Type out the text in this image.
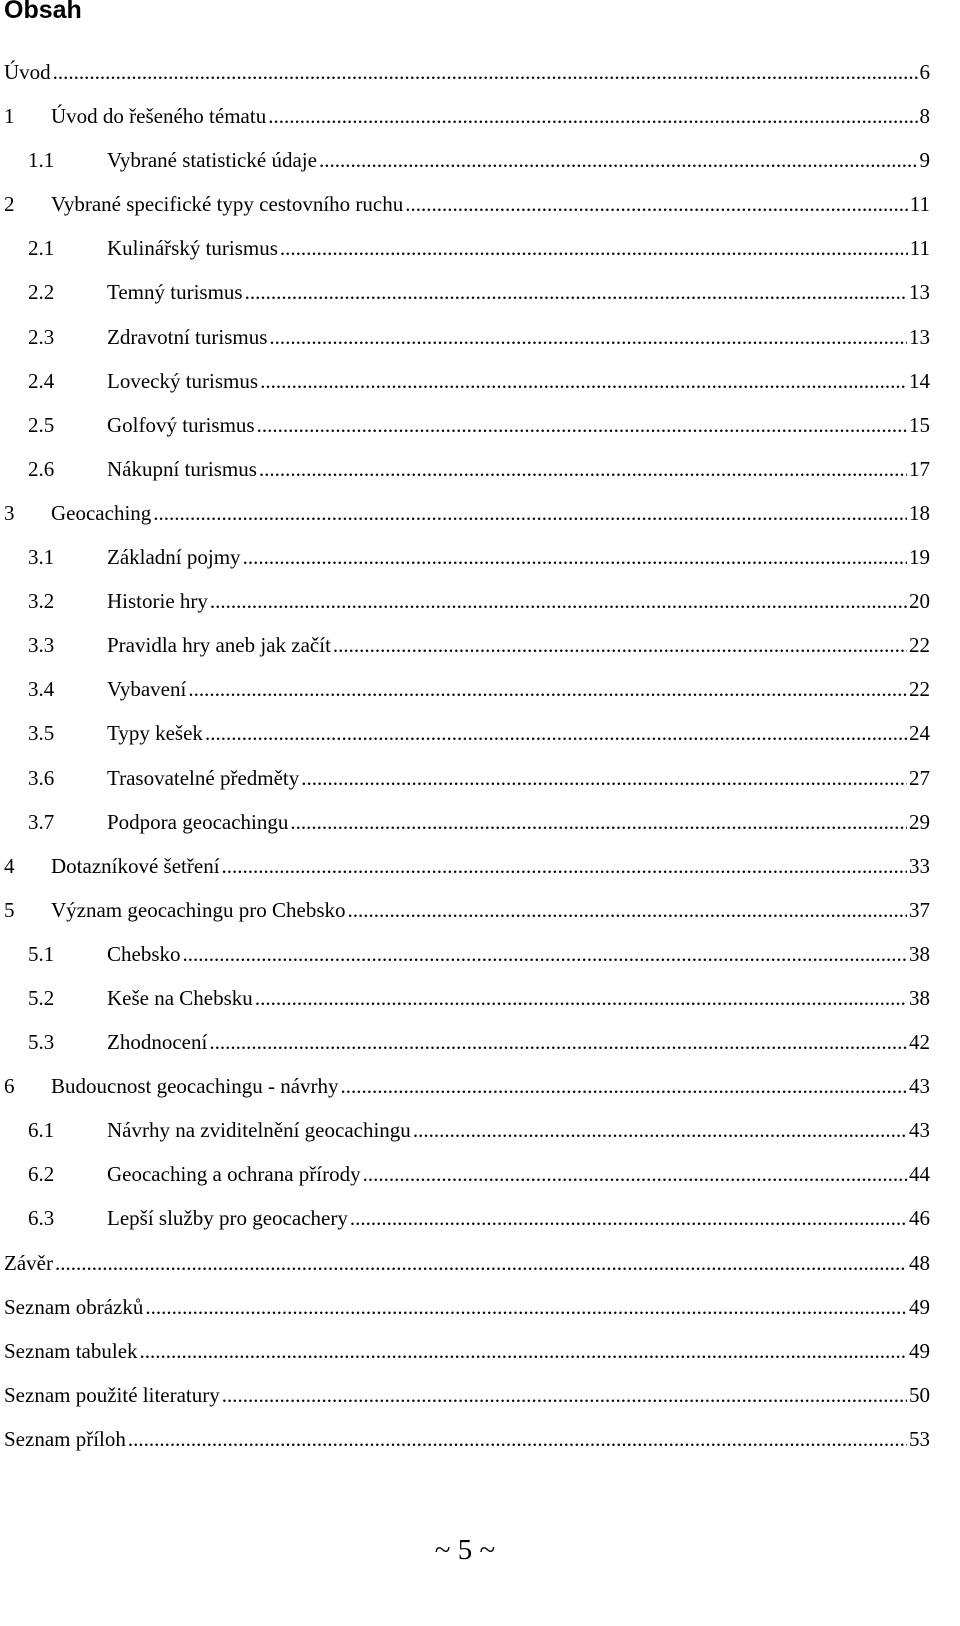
Obsah
Úvod .....	6
1	Úvod do řešeného tématu .....	8
1.1	Vybrané statistické údaje .....	9
2	Vybrané specifické typy cestovního ruchu .....	11
2.1	Kulinářský turismus .....	11
2.2	Temný turismus .....	13
2.3	Zdravotní turismus .....	13
2.4	Lovecký turismus .....	14
2.5	Golfový turismus .....	15
2.6	Nákupní turismus .....	17
3	Geocaching .....	18
3.1	Základní pojmy .....	19
3.2	Historie hry .....	20
3.3	Pravidla hry aneb jak začít .....	22
3.4	Vybavení .....	22
3.5	Typy kešek .....	24
3.6	Trasovatelné předměty .....	27
3.7	Podpora geocachingu .....	29
4	Dotazníkové šetření .....	33
5	Význam geocachingu pro Chebsko .....	37
5.1	Chebsko .....	38
5.2	Keše na Chebsku .....	38
5.3	Zhodnocení .....	42
6	Budoucnost geocachingu - návrhy .....	43
6.1	Návrhy na zviditelnění geocachingu .....	43
6.2	Geocaching a ochrana přírody .....	44
6.3	Lepší služby pro geocachery .....	46
Závěr .....	48
Seznam obrázků .....	49
Seznam tabulek .....	49
Seznam použité literatury .....	50
Seznam příloh .....	53
~ 5 ~
